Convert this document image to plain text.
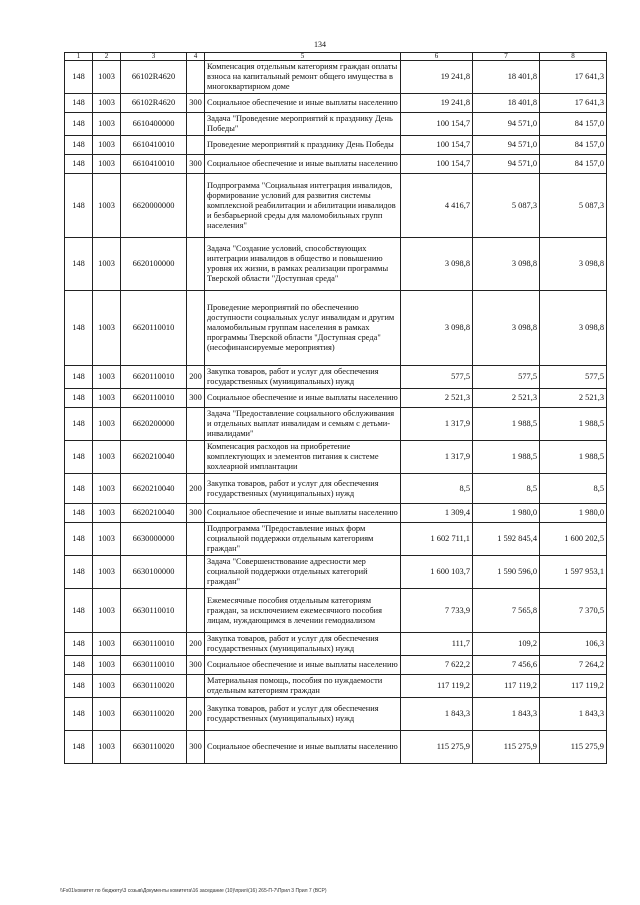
134
1	2	3	4	5	6	7	8
148	1003	66102R4620		Компенсация отдельным категориям граждан оплаты взноса на капитальный ремонт общего имущества в многоквартирном доме	19 241,8	18 401,8	17 641,3
148	1003	66102R4620	300	Социальное обеспечение и иные выплаты населению	19 241,8	18 401,8	17 641,3
148	1003	6610400000		Задача "Проведение мероприятий к празднику День Победы"	100 154,7	94 571,0	84 157,0
148	1003	6610410010		Проведение мероприятий к празднику День Победы	100 154,7	94 571,0	84 157,0
148	1003	6610410010	300	Социальное обеспечение и иные выплаты населению	100 154,7	94 571,0	84 157,0
148	1003	6620000000		Подпрограмма "Социальная интеграция инвалидов, формирование условий для развития системы комплексной реабилитации и абилитации инвалидов и безбарьерной среды для маломобильных групп населения"	4 416,7	5 087,3	5 087,3
148	1003	6620100000		Задача "Создание условий, способствующих интеграции инвалидов в общество и повышению уровня их жизни, в рамках реализации программы Тверской области "Доступная среда"	3 098,8	3 098,8	3 098,8
148	1003	6620110010		Проведение мероприятий по обеспечению доступности социальных услуг инвалидам и другим маломобильным группам населения в рамках программы Тверской области "Доступная среда" (несофинансируемые мероприятия)	3 098,8	3 098,8	3 098,8
148	1003	6620110010	200	Закупка товаров, работ и услуг для обеспечения государственных (муниципальных) нужд	577,5	577,5	577,5
148	1003	6620110010	300	Социальное обеспечение и иные выплаты населению	2 521,3	2 521,3	2 521,3
148	1003	6620200000		Задача "Предоставление социального обслуживания и отдельных выплат инвалидам и семьям с детьми-инвалидами"	1 317,9	1 988,5	1 988,5
148	1003	6620210040		Компенсация расходов на приобретение комплектующих и элементов питания к системе кохлеарной имплантации	1 317,9	1 988,5	1 988,5
148	1003	6620210040	200	Закупка товаров, работ и услуг для обеспечения государственных (муниципальных) нужд	8,5	8,5	8,5
148	1003	6620210040	300	Социальное обеспечение и иные выплаты населению	1 309,4	1 980,0	1 980,0
148	1003	6630000000		Подпрограмма "Предоставление иных форм социальной поддержки отдельным категориям граждан"	1 602 711,1	1 592 845,4	1 600 202,5
148	1003	6630100000		Задача "Совершенствование адресности мер социальной поддержки отдельных категорий граждан"	1 600 103,7	1 590 596,0	1 597 953,1
148	1003	6630110010		Ежемесячные пособия отдельным категориям граждан, за исключением ежемесячного пособия лицам, нуждающимся в лечении гемодиализом	7 733,9	7 565,8	7 370,5
148	1003	6630110010	200	Закупка товаров, работ и услуг для обеспечения государственных (муниципальных) нужд	111,7	109,2	106,3
148	1003	6630110010	300	Социальное обеспечение и иные выплаты населению	7 622,2	7 456,6	7 264,2
148	1003	6630110020		Материальная помощь, пособия по нуждаемости отдельным категориям граждан	117 119,2	117 119,2	117 119,2
148	1003	6630110020	200	Закупка товаров, работ и услуг для обеспечения государственных (муниципальных) нужд	1 843,3	1 843,3	1 843,3
148	1003	6630110020	300	Социальное обеспечение и иные выплаты населению	115 275,9	115 275,9	115 275,9
\\Fs01\комитет по бюджету\3 созыв\Документы комитета\16 заседание (10)\прил\(16) 265-П-7\Прил 3 Прил 7 (ВСР)
